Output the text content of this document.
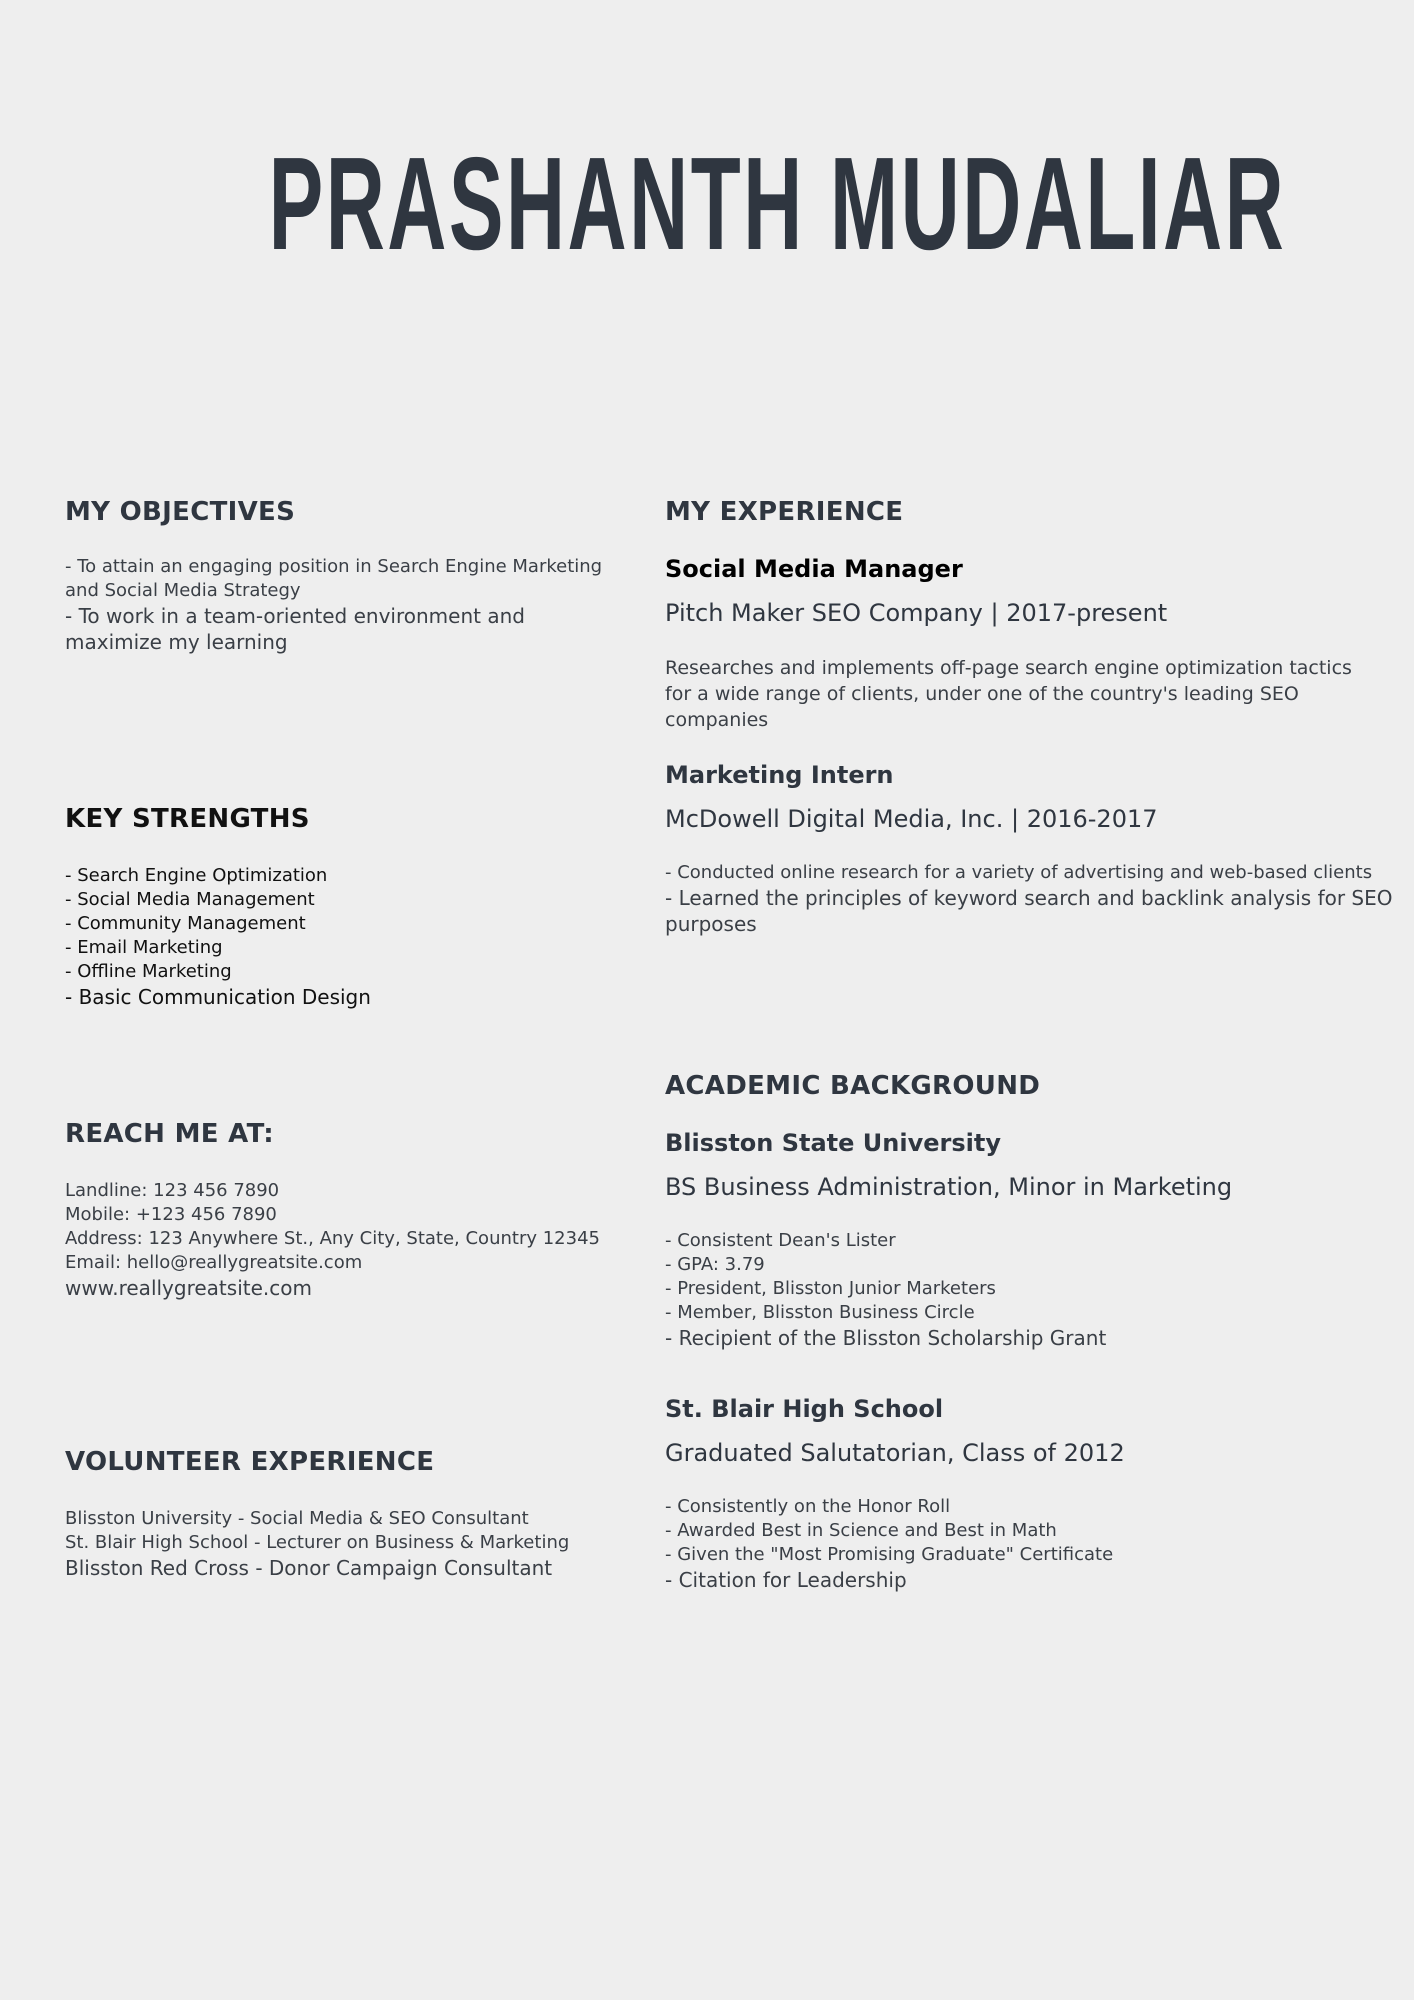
PRASHANTH MUDALIAR
MY OBJECTIVES
- To attain an engaging position in Search Engine Marketing
and Social Media Strategy
- To work in a team-oriented environment and
maximize my learning
KEY STRENGTHS
- Search Engine Optimization
- Social Media Management
- Community Management
- Email Marketing
- Offline Marketing
- Basic Communication Design
REACH ME AT:
Landline: 123 456 7890
Mobile: +123 456 7890
Address: 123 Anywhere St., Any City, State, Country 12345
Email: hello@reallygreatsite.com
www.reallygreatsite.com
VOLUNTEER EXPERIENCE
Blisston University - Social Media & SEO Consultant
St. Blair High School - Lecturer on Business & Marketing
Blisston Red Cross - Donor Campaign Consultant
MY EXPERIENCE
Social Media Manager
Pitch Maker SEO Company | 2017-present
Researches and implements off-page search engine optimization tactics
for a wide range of clients, under one of the country's leading SEO
companies
Marketing Intern
McDowell Digital Media, Inc. | 2016-2017
- Conducted online research for a variety of advertising and web-based clients
- Learned the principles of keyword search and backlink analysis for SEO
purposes
ACADEMIC BACKGROUND
Blisston State University
BS Business Administration, Minor in Marketing
- Consistent Dean's Lister
- GPA: 3.79
- President, Blisston Junior Marketers
- Member, Blisston Business Circle
- Recipient of the Blisston Scholarship Grant
St. Blair High School
Graduated Salutatorian, Class of 2012
- Consistently on the Honor Roll
- Awarded Best in Science and Best in Math
- Given the "Most Promising Graduate" Certificate
- Citation for Leadership
